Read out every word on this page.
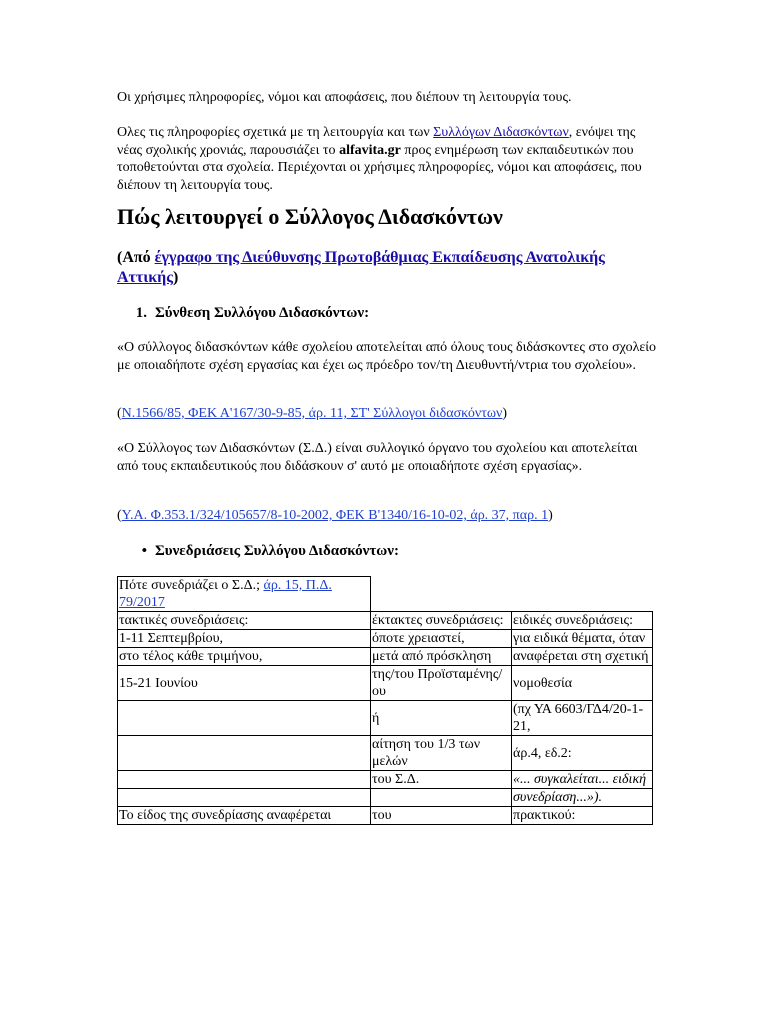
Οι χρήσιμες πληροφορίες, νόμοι και αποφάσεις, που διέπουν τη λειτουργία τους.

Ολες τις πληροφορίες σχετικά με τη λειτουργία και των Συλλόγων Διδασκόντων, ενόψει της νέας σχολικής χρονιάς, παρουσιάζει το alfavita.gr προς ενημέρωση των εκπαιδευτικών που τοποθετούνται στα σχολεία. Περιέχονται οι χρήσιμες πληροφορίες, νόμοι και αποφάσεις, που διέπουν τη λειτουργία τους.

Πώς λειτουργεί ο Σύλλογος Διδασκόντων
(Από έγγραφο της Διεύθυνσης Πρωτοβάθμιας Εκπαίδευσης Ανατολικής Αττικής)
1. Σύνθεση Συλλόγου Διδασκόντων:

«Ο σύλλογος διδασκόντων κάθε σχολείου αποτελείται από όλους τους διδάσκοντες στο σχολείο με οποιαδήποτε σχέση εργασίας και έχει ως πρόεδρο τον/τη Διευθυντή/ντρια του σχολείου».

(Ν.1566/85, ΦΕΚ Α'167/30-9-85, άρ. 11, ΣΤ' Σύλλογοι διδασκόντων)

«Ο Σύλλογος των Διδασκόντων (Σ.Δ.) είναι συλλογικό όργανο του σχολείου και αποτελείται από τους εκπαιδευτικούς που διδάσκουν σ' αυτό με οποιαδήποτε σχέση εργασίας».

(Υ.Α. Φ.353.1/324/105657/8-10-2002, ΦΕΚ Β'1340/16-10-02, άρ. 37, παρ. 1)

• Συνεδριάσεις Συλλόγου Διδασκόντων:
Πότε συνεδριάζει ο Σ.Δ.; άρ. 15, Π.Δ. 79/2017		
τακτικές συνεδριάσεις:	έκτακτες συνεδριάσεις:	ειδικές συνεδριάσεις:
1-11 Σεπτεμβρίου,	όποτε χρειαστεί,	για ειδικά θέματα, όταν
στο τέλος κάθε τριμήνου,	μετά από πρόσκληση	αναφέρεται στη σχετική
15-21 Ιουνίου	της/του Προϊσταμένης/ου	νομοθεσία
	ή	(πχ ΥΑ 6603/ΓΔ4/20-1-21,
	αίτηση του 1/3 των μελών	άρ.4, εδ.2:
	του Σ.Δ.	«... συγκαλείται... ειδική
		συνεδρίαση...»).
Το είδος της συνεδρίασης αναφέρεται	του	πρακτικού:
